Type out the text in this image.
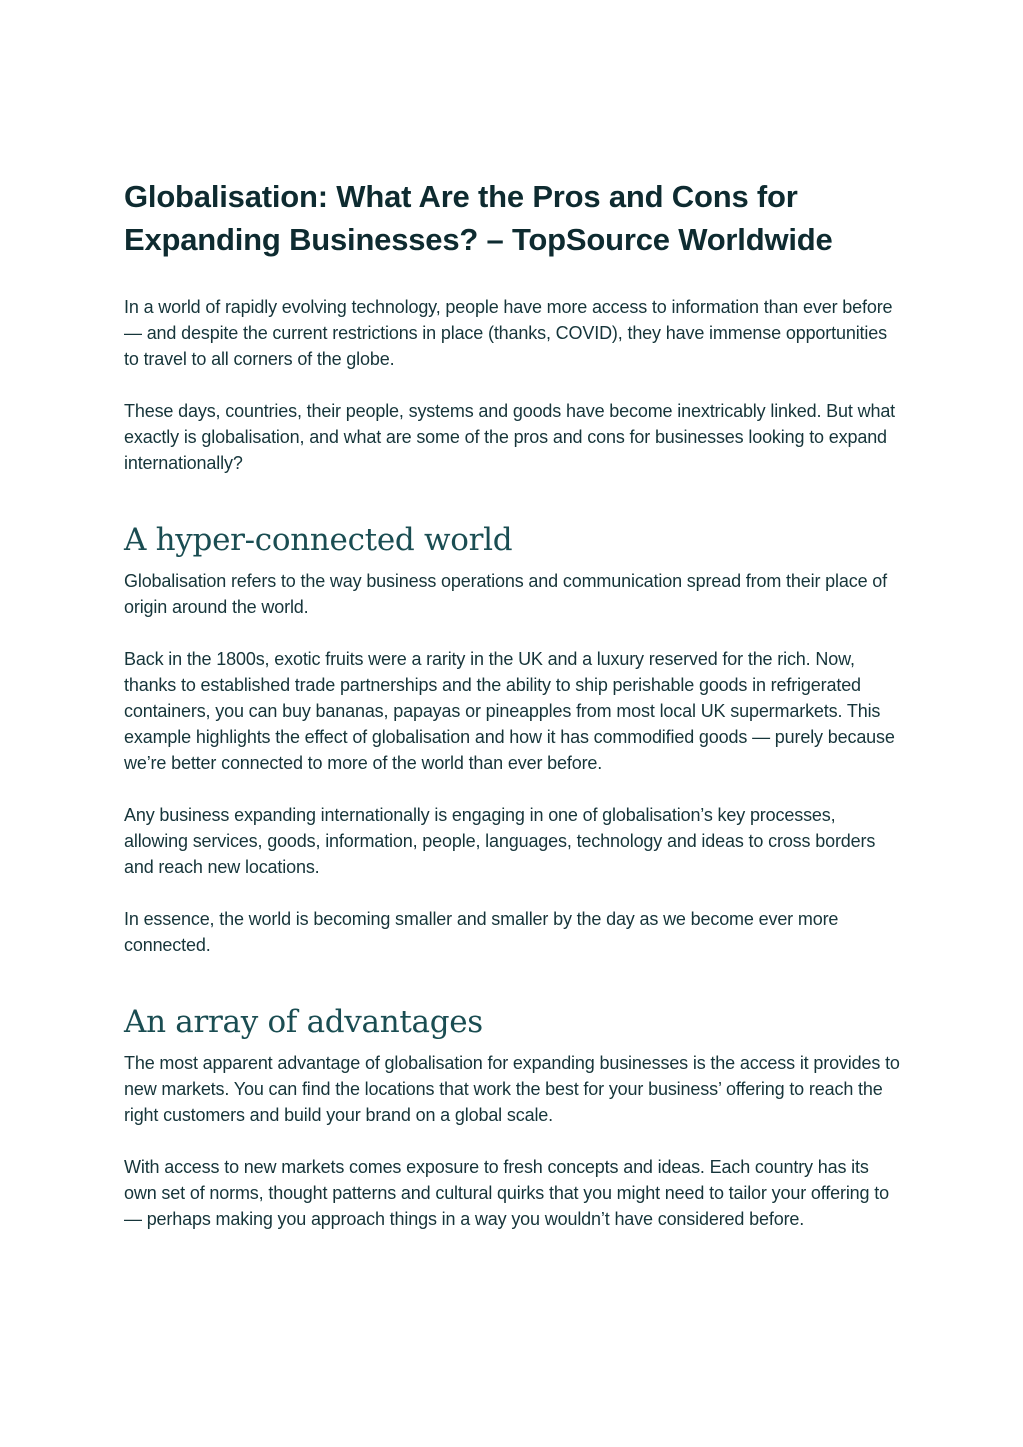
Globalisation: What Are the Pros and Cons for Expanding Businesses? – TopSource Worldwide

In a world of rapidly evolving technology, people have more access to information than ever before — and despite the current restrictions in place (thanks, COVID), they have immense opportunities to travel to all corners of the globe.

These days, countries, their people, systems and goods have become inextricably linked. But what exactly is globalisation, and what are some of the pros and cons for businesses looking to expand internationally?

A hyper-connected world

Globalisation refers to the way business operations and communication spread from their place of origin around the world.

Back in the 1800s, exotic fruits were a rarity in the UK and a luxury reserved for the rich. Now, thanks to established trade partnerships and the ability to ship perishable goods in refrigerated containers, you can buy bananas, papayas or pineapples from most local UK supermarkets. This example highlights the effect of globalisation and how it has commodified goods — purely because we’re better connected to more of the world than ever before.

Any business expanding internationally is engaging in one of globalisation’s key processes, allowing services, goods, information, people, languages, technology and ideas to cross borders and reach new locations.

In essence, the world is becoming smaller and smaller by the day as we become ever more connected.

An array of advantages

The most apparent advantage of globalisation for expanding businesses is the access it provides to new markets. You can find the locations that work the best for your business’ offering to reach the right customers and build your brand on a global scale.

With access to new markets comes exposure to fresh concepts and ideas. Each country has its own set of norms, thought patterns and cultural quirks that you might need to tailor your offering to — perhaps making you approach things in a way you wouldn’t have considered before.
